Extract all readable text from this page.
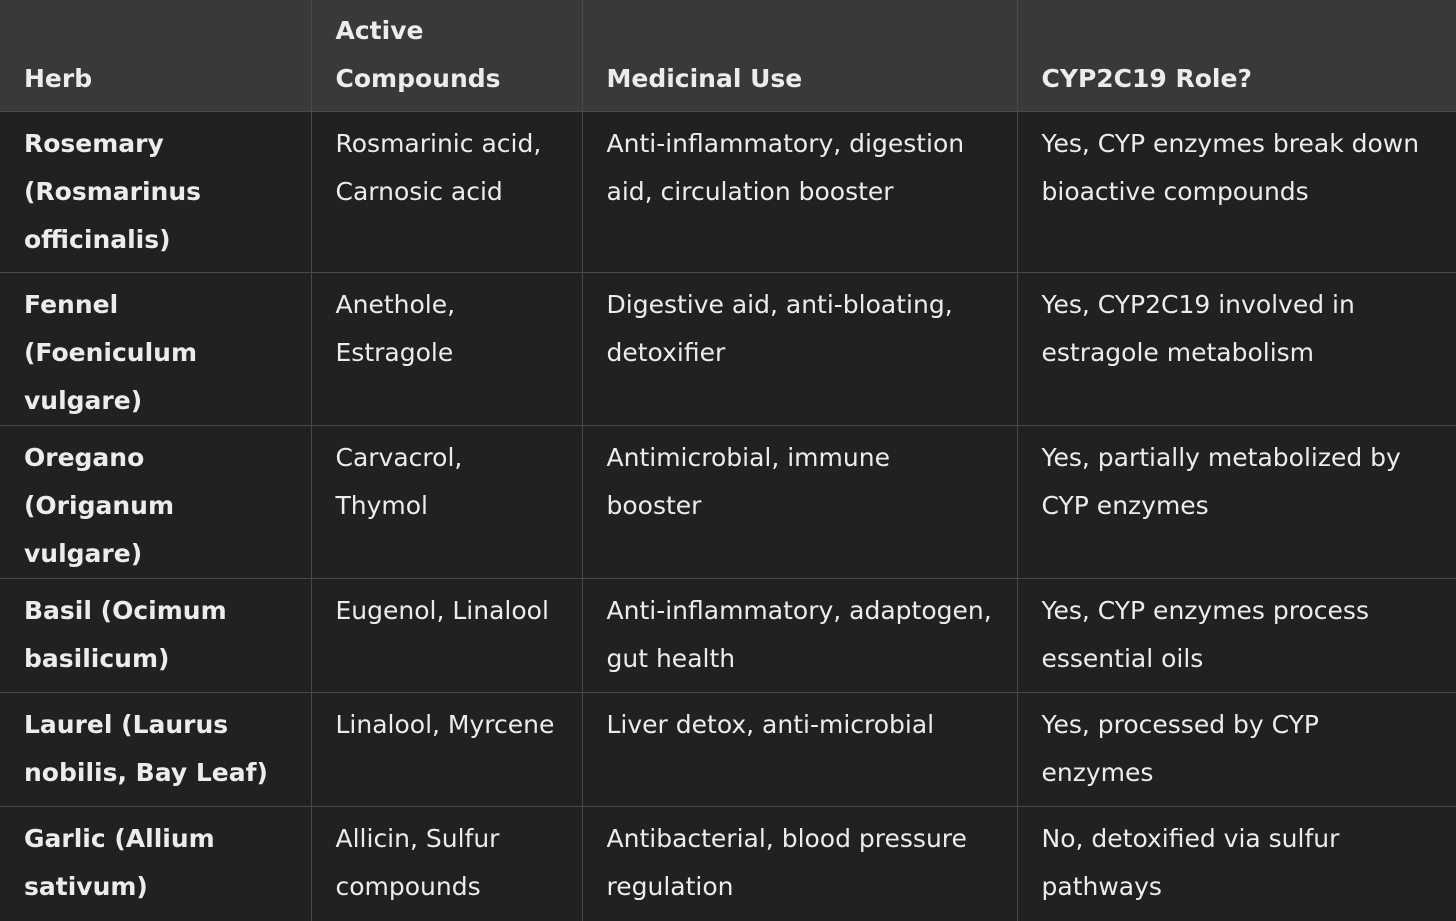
Herb	Active Compounds	Medicinal Use	CYP2C19 Role?
Rosemary (Rosmarinus officinalis)	Rosmarinic acid, Carnosic acid	Anti-inflammatory, digestion aid, circulation booster	Yes, CYP enzymes break down bioactive compounds
Fennel (Foeniculum vulgare)	Anethole, Estragole	Digestive aid, anti-bloating, detoxifier	Yes, CYP2C19 involved in estragole metabolism
Oregano (Origanum vulgare)	Carvacrol, Thymol	Antimicrobial, immune booster	Yes, partially metabolized by CYP enzymes
Basil (Ocimum basilicum)	Eugenol, Linalool	Anti-inflammatory, adaptogen, gut health	Yes, CYP enzymes process essential oils
Laurel (Laurus nobilis, Bay Leaf)	Linalool, Myrcene	Liver detox, anti-microbial	Yes, processed by CYP enzymes
Garlic (Allium sativum)	Allicin, Sulfur compounds	Antibacterial, blood pressure regulation	No, detoxified via sulfur pathways
